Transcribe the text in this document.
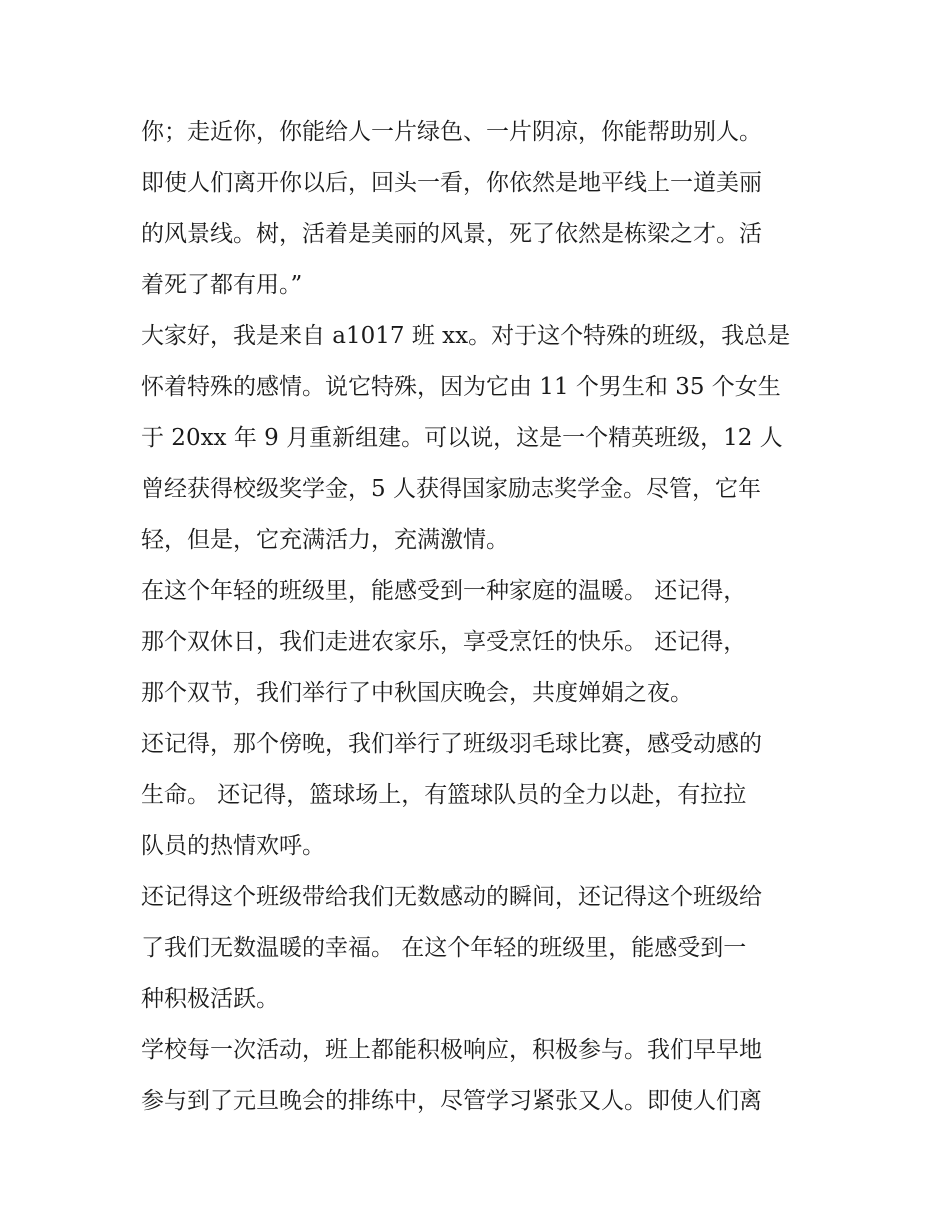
你；走近你，你能给人一片绿色、一片阴凉，你能帮助别人。
即使人们离开你以后，回头一看，你依然是地平线上一道美丽
的风景线。树，活着是美丽的风景，死了依然是栋梁之才。活
着死了都有用。”
大家好，我是来自 a1017 班 xx。对于这个特殊的班级，我总是
怀着特殊的感情。说它特殊，因为它由 11 个男生和 35 个女生
于 20xx 年 9 月重新组建。可以说，这是一个精英班级，12 人
曾经获得校级奖学金，5 人获得国家励志奖学金。尽管，它年
轻，但是，它充满活力，充满激情。
在这个年轻的班级里，能感受到一种家庭的温暖。 还记得，
那个双休日，我们走进农家乐，享受烹饪的快乐。 还记得，
那个双节，我们举行了中秋国庆晚会，共度婵娟之夜。
还记得，那个傍晚，我们举行了班级羽毛球比赛，感受动感的
生命。 还记得，篮球场上，有篮球队员的全力以赴，有拉拉
队员的热情欢呼。
还记得这个班级带给我们无数感动的瞬间，还记得这个班级给
了我们无数温暖的幸福。 在这个年轻的班级里，能感受到一
种积极活跃。
学校每一次活动，班上都能积极响应，积极参与。我们早早地
参与到了元旦晚会的排练中，尽管学习紧张又人。即使人们离
